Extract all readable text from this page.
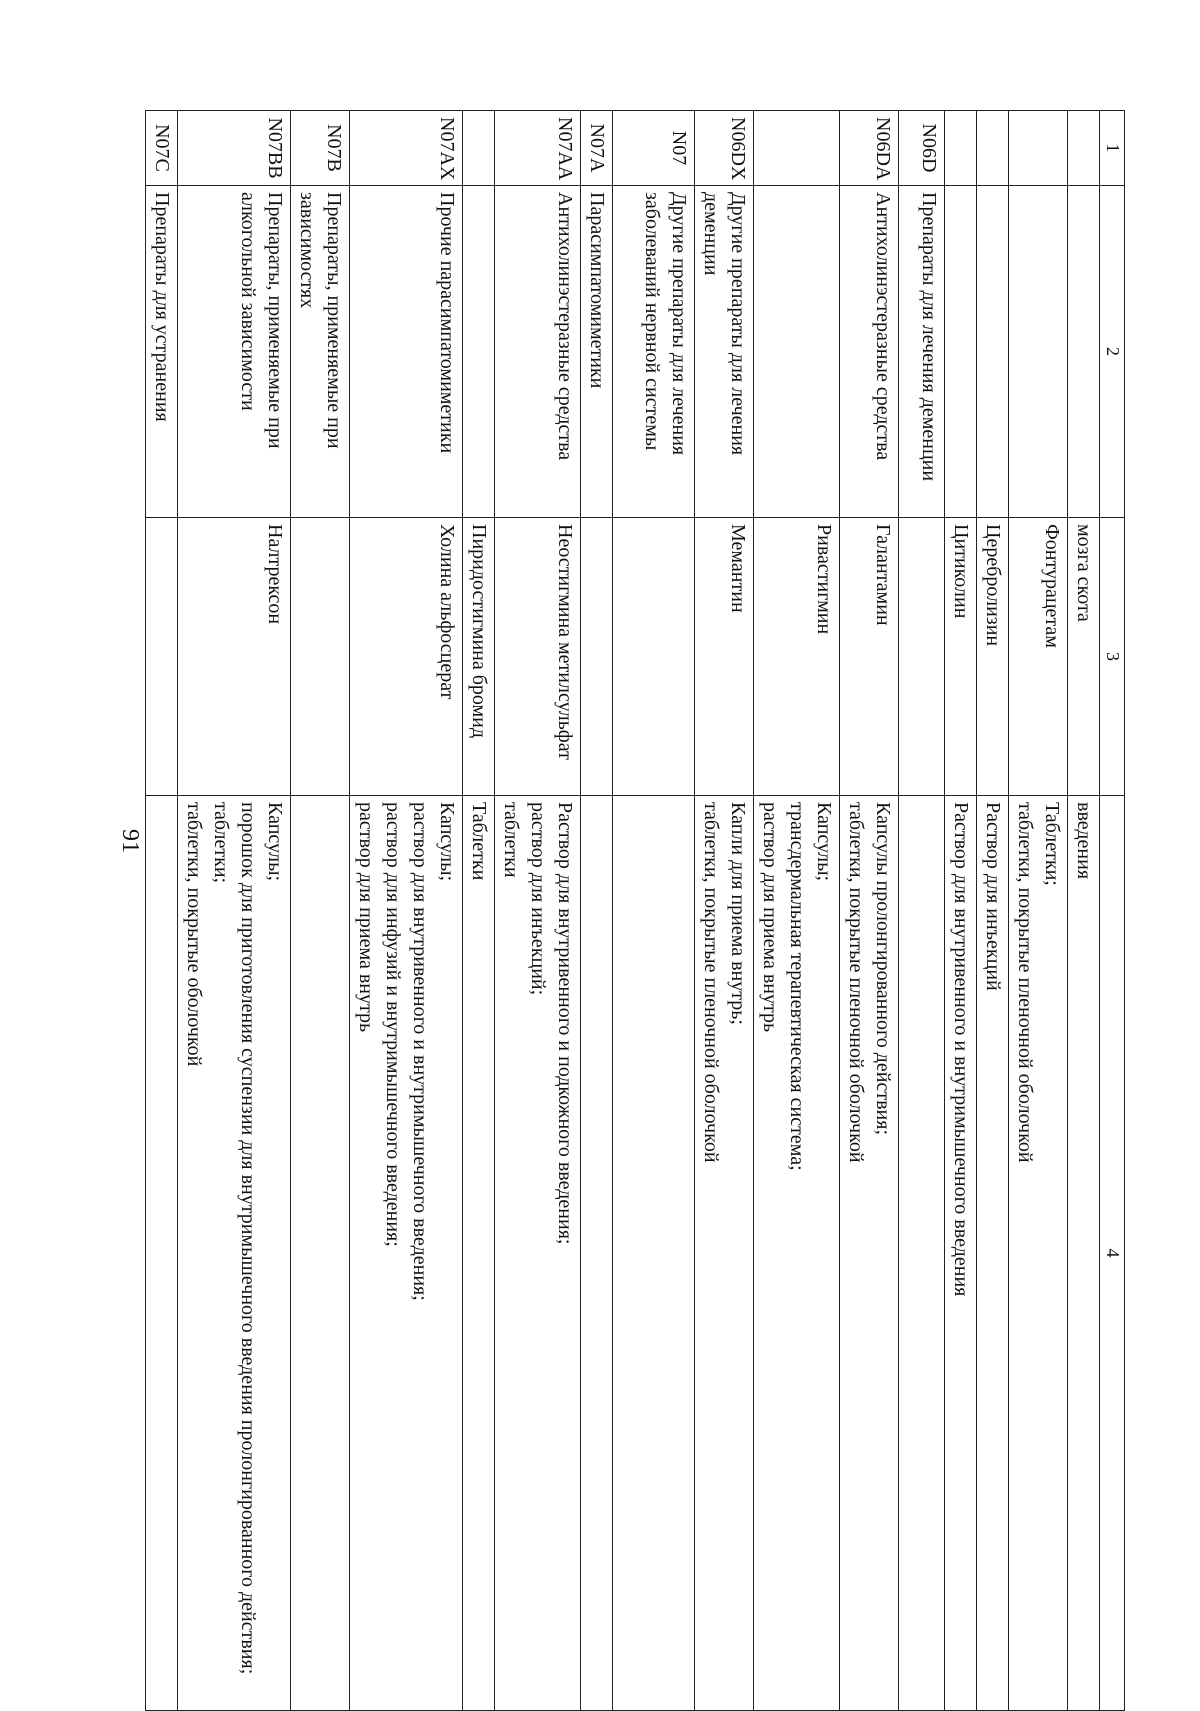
91
1	2	3	4
		мозга скота	введения
		Фонтурацетам	Таблетки;
таблетки, покрытые пленочной оболочкой
		Церебролизин	Раствор для инъекций
		Цитиколин	Раствор для внутривенного и внутримышечного введения
N06D	Препараты для лечения деменции		
N06DA	Антихолинэстеразные средства	Галантамин	Капсулы пролонгированного действия;
таблетки, покрытые пленочной оболочкой
		Ривастигмин	Капсулы;
трансдермальная терапевтическая система;
раствор для приема внутрь
N06DX	Другие препараты для лечения деменции	Мемантин	Капли для приема внутрь;
таблетки, покрытые пленочной оболочкой
N07	Другие препараты для лечения заболеваний нервной системы		
N07A	Парасимпатомиметики		
N07AA	Антихолинэстеразные средства	Неостигмина метилсульфат	Раствор для внутривенного и подкожного введения;
раствор для инъекций;
таблетки
		Пиридостигмина бромид	Таблетки
N07AX	Прочие парасимпатомиметики	Холина альфосцерат	Капсулы;
раствор для внутривенного и внутримышечного введения;
раствор для инфузий и внутримышечного введения;
раствор для приема внутрь
N07B	Препараты, применяемые при зависимостях		
N07BB	Препараты, применяемые при алкогольной зависимости	Налтрексон	Капсулы;
порошок для приготовления суспензии для внутримышечного введения пролонгированного действия;
таблетки;
таблетки, покрытые оболочкой
N07C	Препараты для устранения		
